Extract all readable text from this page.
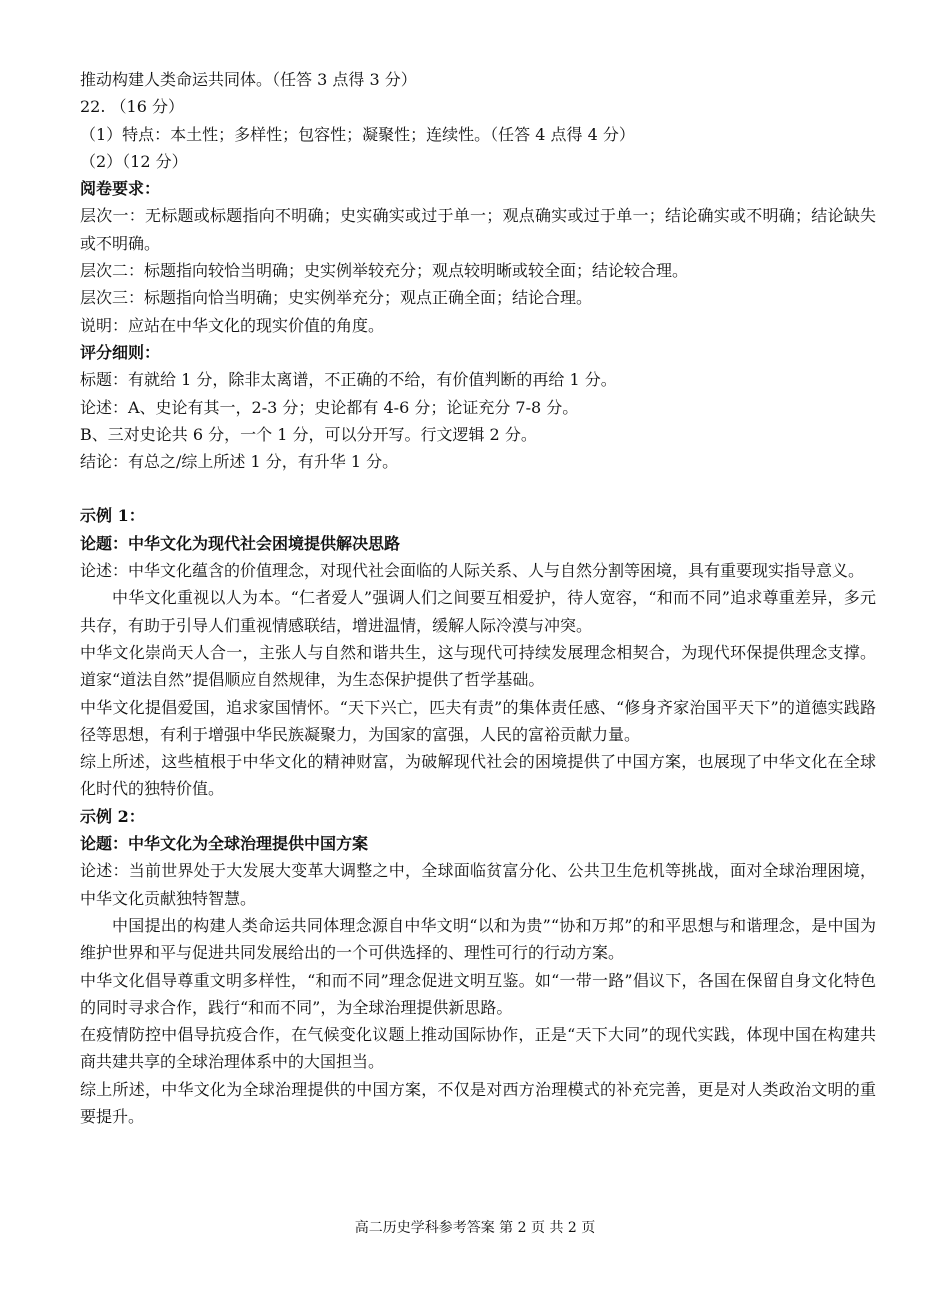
推动构建人类命运共同体。（任答 3 点得 3 分）
22. （16 分）
（1）特点：本土性；多样性；包容性；凝聚性；连续性。（任答 4 点得 4 分）
（2）（12 分）
阅卷要求：
层次一：无标题或标题指向不明确；史实确实或过于单一；观点确实或过于单一；结论确实或不明确；结论缺失或不明确。
层次二：标题指向较恰当明确；史实例举较充分；观点较明晰或较全面；结论较合理。
层次三：标题指向恰当明确；史实例举充分；观点正确全面；结论合理。
说明：应站在中华文化的现实价值的角度。
评分细则：
标题：有就给 1 分，除非太离谱，不正确的不给，有价值判断的再给 1 分。
论述：A、史论有其一，2-3 分；史论都有 4-6 分；论证充分 7-8 分。
B、三对史论共 6 分，一个 1 分，可以分开写。行文逻辑 2 分。
结论：有总之/综上所述 1 分，有升华 1 分。
示例 1：
论题：中华文化为现代社会困境提供解决思路
论述：中华文化蕴含的价值理念，对现代社会面临的人际关系、人与自然分割等困境，具有重要现实指导意义。
中华文化重视以人为本。“仁者爱人”强调人们之间要互相爱护，待人宽容，“和而不同”追求尊重差异，多元共存，有助于引导人们重视情感联结，增进温情，缓解人际冷漠与冲突。
中华文化崇尚天人合一，主张人与自然和谐共生，这与现代可持续发展理念相契合，为现代环保提供理念支撑。道家“道法自然”提倡顺应自然规律，为生态保护提供了哲学基础。
中华文化提倡爱国，追求家国情怀。“天下兴亡，匹夫有责”的集体责任感、“修身齐家治国平天下”的道德实践路径等思想，有利于增强中华民族凝聚力，为国家的富强，人民的富裕贡献力量。
综上所述，这些植根于中华文化的精神财富，为破解现代社会的困境提供了中国方案，也展现了中华文化在全球化时代的独特价值。
示例 2：
论题：中华文化为全球治理提供中国方案
论述：当前世界处于大发展大变革大调整之中，全球面临贫富分化、公共卫生危机等挑战，面对全球治理困境，中华文化贡献独特智慧。
中国提出的构建人类命运共同体理念源自中华文明“以和为贵”“协和万邦”的和平思想与和谐理念，是中国为维护世界和平与促进共同发展给出的一个可供选择的、理性可行的行动方案。
中华文化倡导尊重文明多样性，“和而不同”理念促进文明互鉴。如“一带一路”倡议下，各国在保留自身文化特色的同时寻求合作，践行“和而不同”，为全球治理提供新思路。
在疫情防控中倡导抗疫合作，在气候变化议题上推动国际协作，正是“天下大同”的现代实践，体现中国在构建共商共建共享的全球治理体系中的大国担当。
综上所述，中华文化为全球治理提供的中国方案，不仅是对西方治理模式的补充完善，更是对人类政治文明的重要提升。
高二历史学科参考答案 第 2 页 共 2 页
